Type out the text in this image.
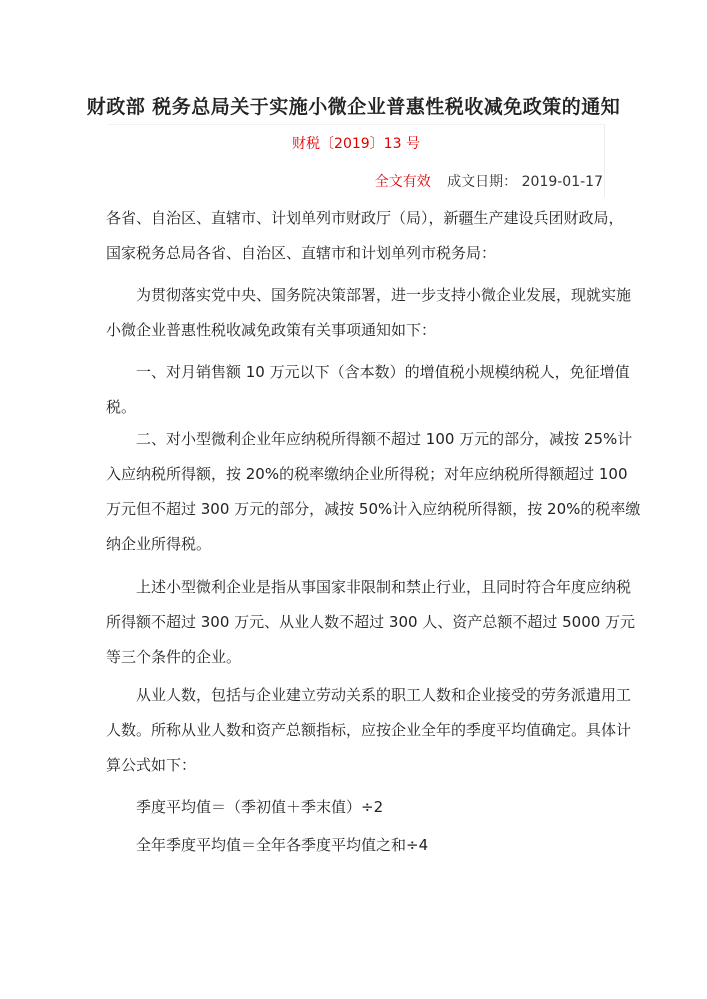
财政部 税务总局关于实施小微企业普惠性税收减免政策的通知
财税〔2019〕13 号
全文有效 成文日期： 2019-01-17
各省、自治区、直辖市、计划单列市财政厅（局），新疆生产建设兵团财政局，
国家税务总局各省、自治区、直辖市和计划单列市税务局：
为贯彻落实党中央、国务院决策部署，进一步支持小微企业发展，现就实施
小微企业普惠性税收减免政策有关事项通知如下：
一、对月销售额 10 万元以下（含本数）的增值税小规模纳税人，免征增值
税。
二、对小型微利企业年应纳税所得额不超过 100 万元的部分，减按 25%计
入应纳税所得额，按 20%的税率缴纳企业所得税；对年应纳税所得额超过 100
万元但不超过 300 万元的部分，减按 50%计入应纳税所得额，按 20%的税率缴
纳企业所得税。
上述小型微利企业是指从事国家非限制和禁止行业，且同时符合年度应纳税
所得额不超过 300 万元、从业人数不超过 300 人、资产总额不超过 5000 万元
等三个条件的企业。
从业人数，包括与企业建立劳动关系的职工人数和企业接受的劳务派遣用工
人数。所称从业人数和资产总额指标，应按企业全年的季度平均值确定。具体计
算公式如下：
季度平均值＝（季初值＋季末值）÷2
全年季度平均值＝全年各季度平均值之和÷4
